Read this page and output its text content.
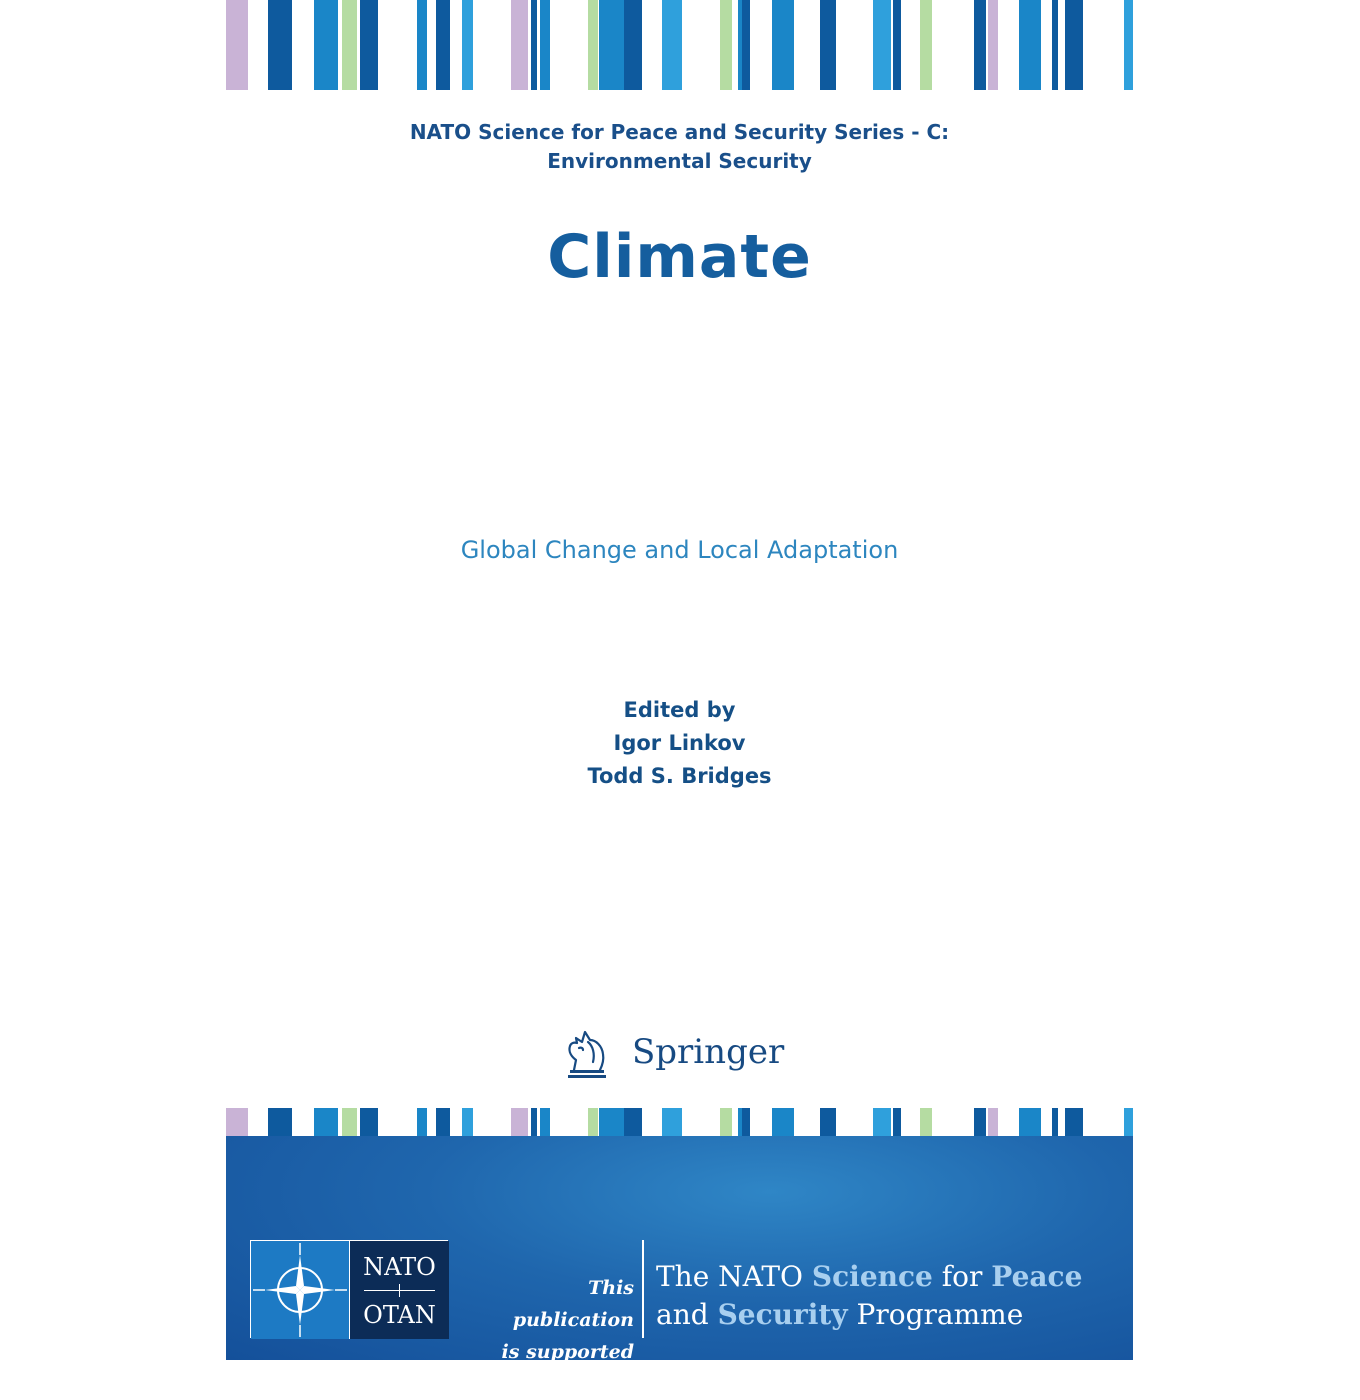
NATO Science for Peace and Security Series - C:
Environmental Security
Climate
Global Change and Local Adaptation
Edited by
Igor Linkov
Todd S. Bridges
Springer
NATO
OTAN
This publication
is supported by:
The NATO Science for Peace
and Security Programme
